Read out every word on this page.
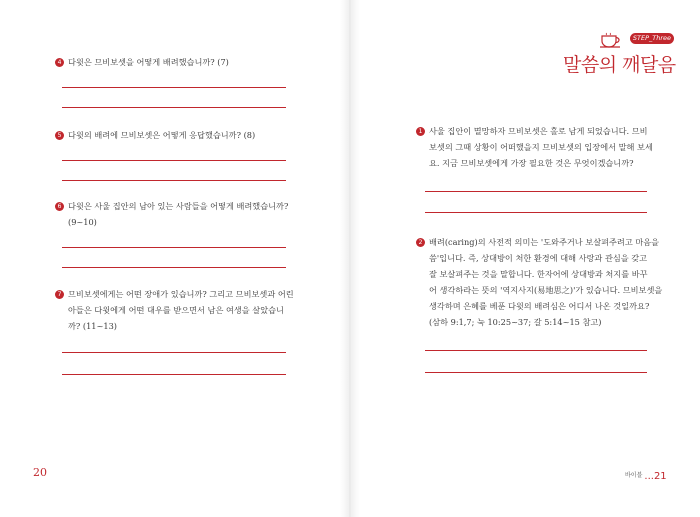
STEP_Three
말씀의 깨달음
4 다윗은 므비보셋을 어떻게 배려했습니까? (7)
5 다윗의 배려에 므비보셋은 어떻게 응답했습니까? (8)
6 다윗은 사울 집안의 남아 있는 사람들을 어떻게 배려했습니까?
(9~10)
7 므비보셋에게는 어떤 장애가 있습니까? 그리고 므비보셋과 어린
아들은 다윗에게 어떤 대우를 받으면서 남은 여생을 살았습니
까? (11~13)
20
1 사울 집안이 멸망하자 므비보셋은 홀로 남게 되었습니다. 므비
보셋의 그때 상황이 어떠했을지 므비보셋의 입장에서 말해 보세
요. 지금 므비보셋에게 가장 필요한 것은 무엇이겠습니까?
2 배려(caring)의 사전적 의미는 '도와주거나 보살펴주려고 마음을
씀'입니다. 즉, 상대방이 처한 환경에 대해 사랑과 관심을 갖고
잘 보살펴주는 것을 말합니다. 한자어에 상대방과 처지를 바꾸
어 생각하라는 뜻의 '역지사지(易地思之)'가 있습니다. 므비보셋을
생각하며 은혜를 베푼 다윗의 배려심은 어디서 나온 것일까요?
(삼하 9:1,7; 눅 10:25~37; 갈 5:14~15 참고)
$^{바이블}$ ...21
